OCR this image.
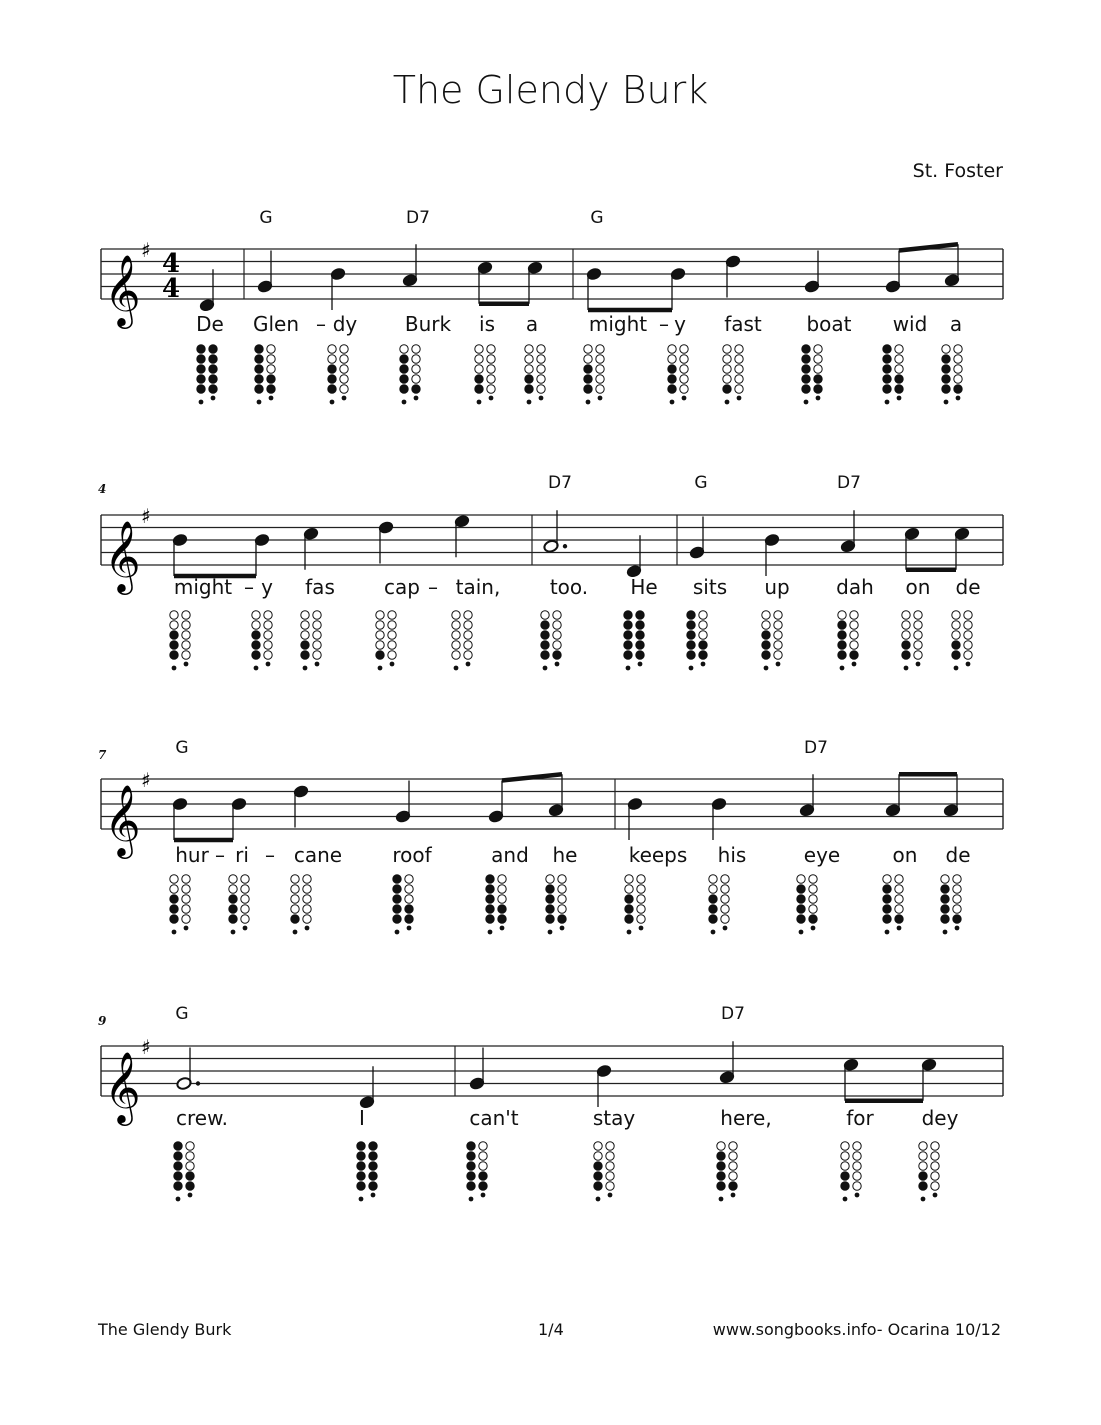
The Glendy Burk
St. Foster
G	D7	G
De Glen – dy Burk is a	might – y fast boat wid a
4	D7	G	D7
might – y fas cap – tain, too. He sits up dah on de
7	G	D7
hur – ri – cane	roof	and he	keeps his	eye	on de
9	G	D7
crew.	I	can't	stay	here,	for dey
𝄞
♯ 4
4
𝄞
♯
𝄞
♯
𝄞
♯
The Glendy Burk	1/4	www.songbooks.info- Ocarina 10/12
